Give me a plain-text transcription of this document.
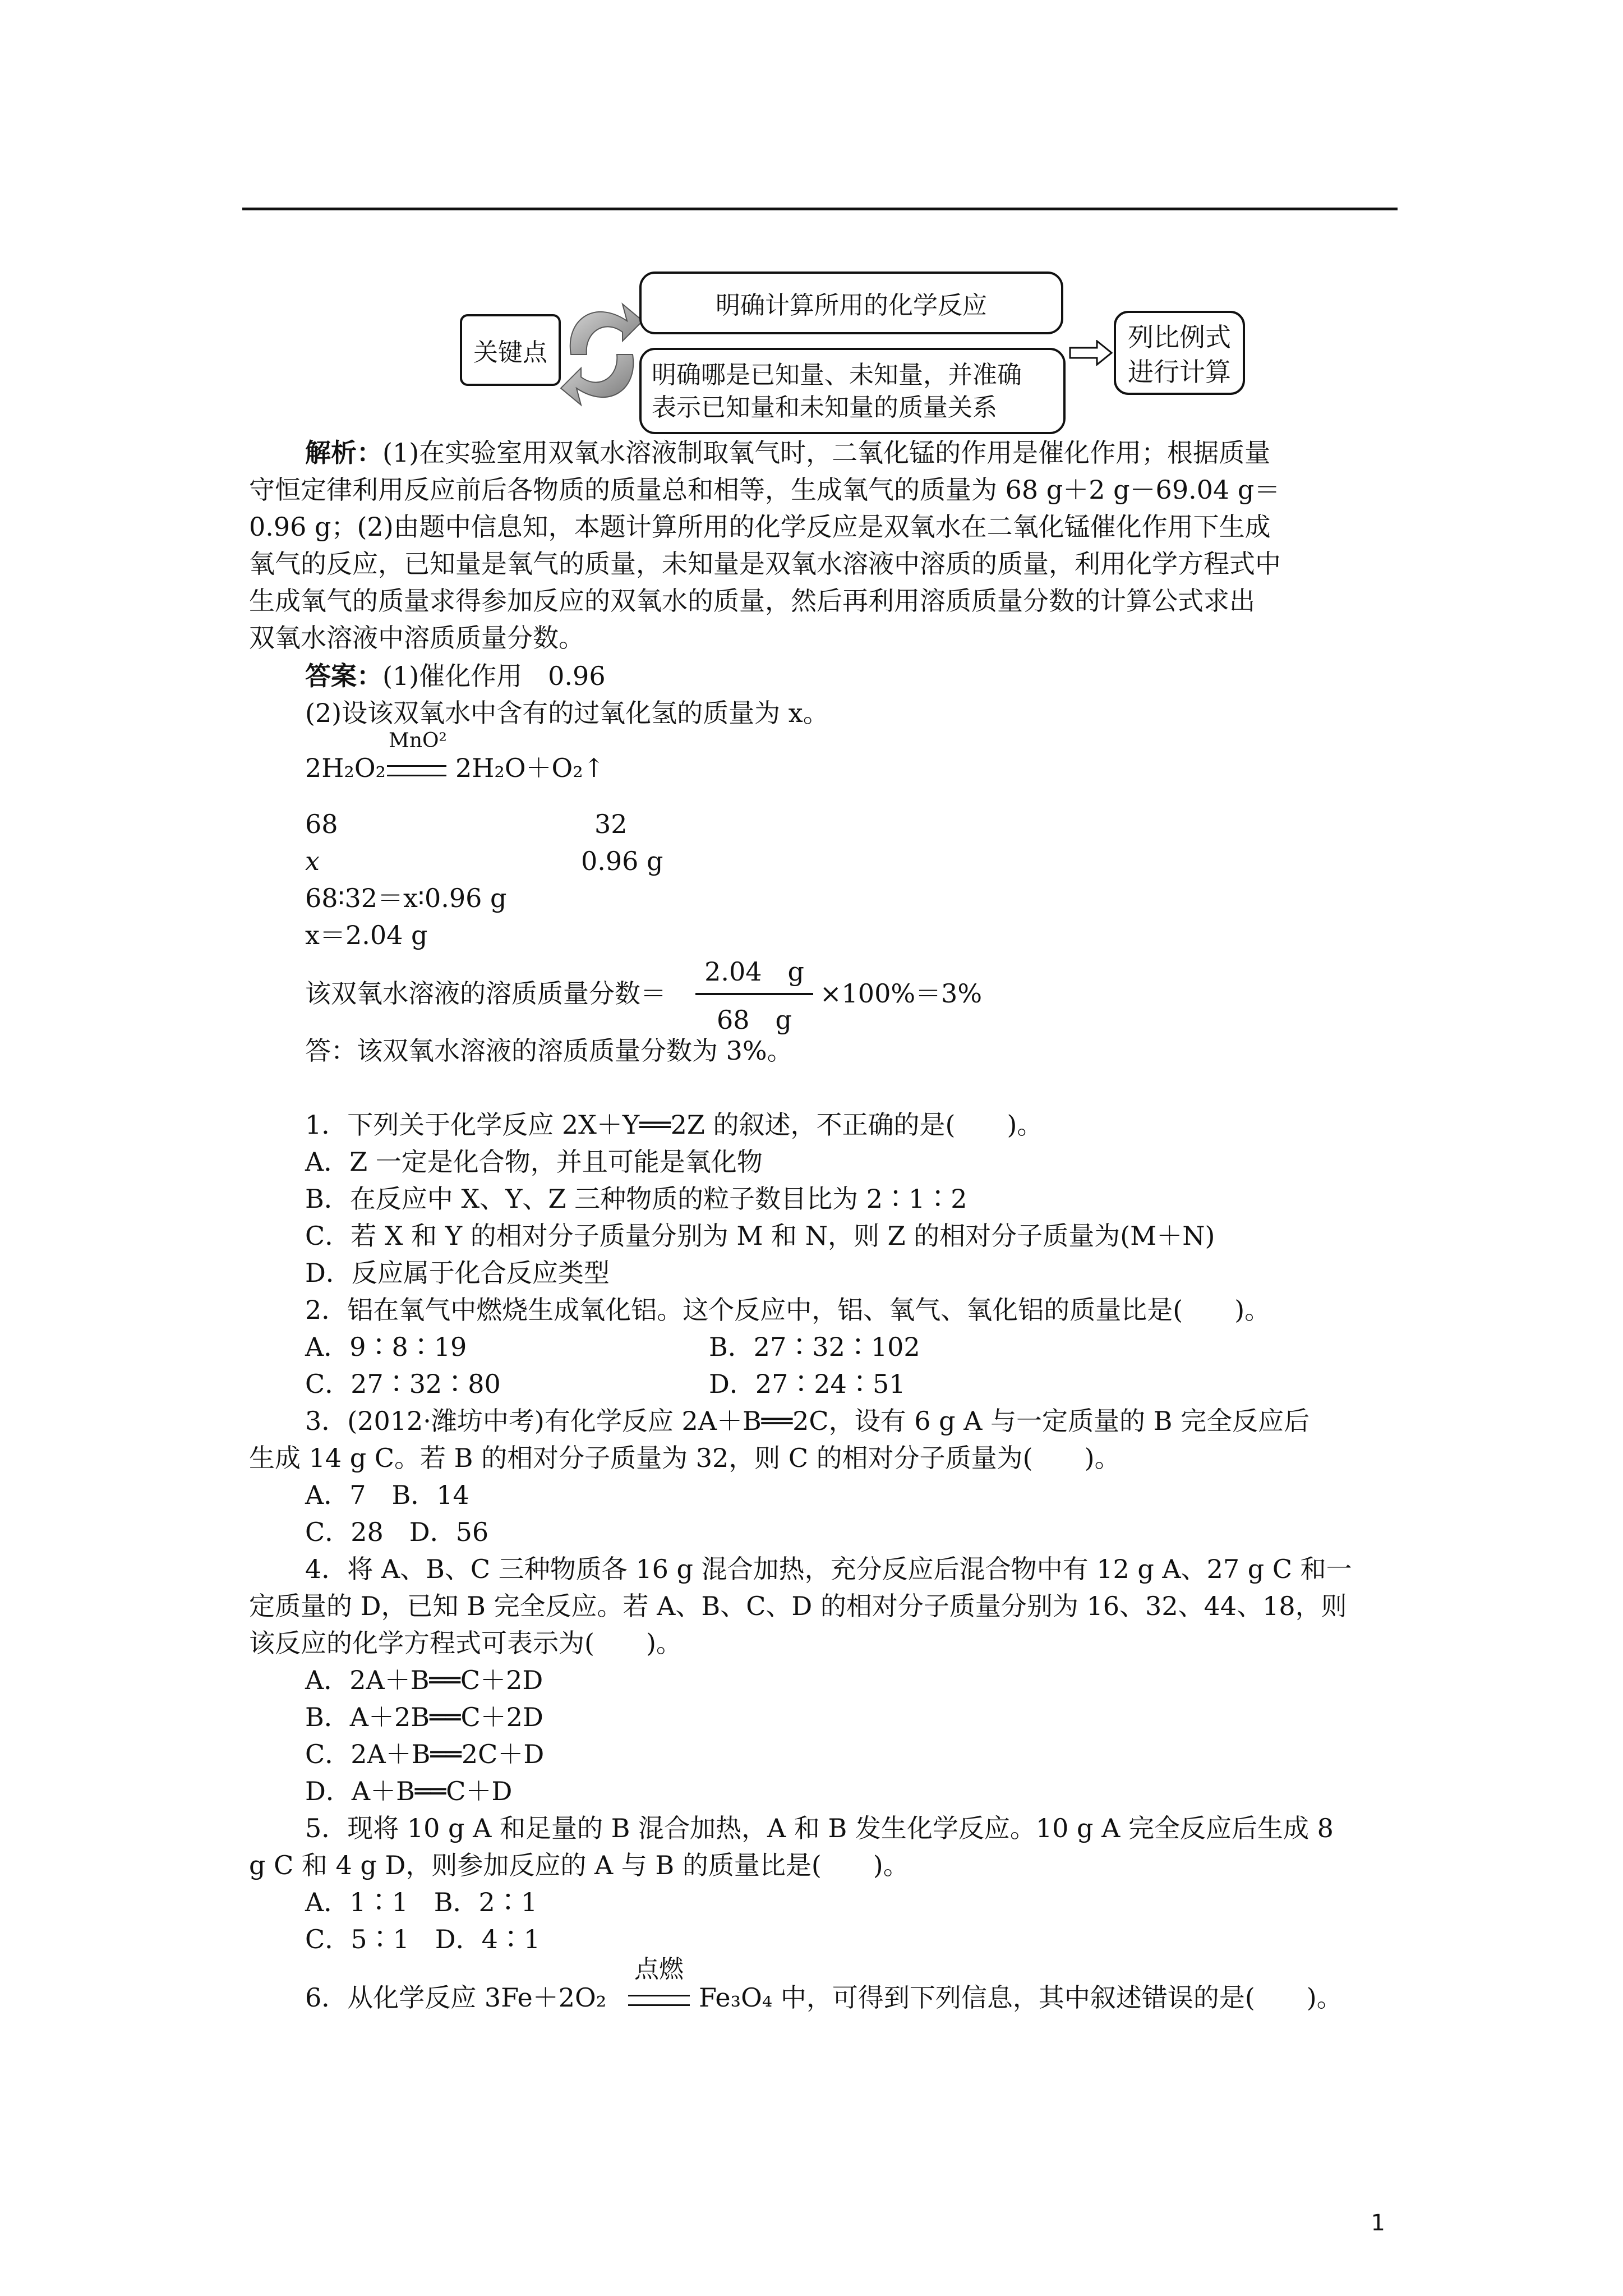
关键点
明确计算所用的化学反应
明确哪是已知量、未知量，并准确
表示已知量和未知量的质量关系
列比例式
进行计算
解析：(1)在实验室用双氧水溶液制取氧气时，二氧化锰的作用是催化作用；根据质量
守恒定律利用反应前后各物质的质量总和相等，生成氧气的质量为 68 g＋2 g－69.04 g＝
0.96 g；(2)由题中信息知，本题计算所用的化学反应是双氧水在二氧化锰催化作用下生成
氧气的反应，已知量是氧气的质量，未知量是双氧水溶液中溶质的质量，利用化学方程式中
生成氧气的质量求得参加反应的双氧水的质量，然后再利用溶质质量分数的计算公式求出
双氧水溶液中溶质质量分数。
答案：(1)催化作用　0.96
(2)设该双氧水中含有的过氧化氢的质量为 x。
MnO²
2H₂O₂	2H₂O＋O₂↑
68	32
x	0.96 g
68∶32＝x∶0.96 g
x＝2.04 g
该双氧水溶液的溶质质量分数＝
2.04　g
68　g
×100%＝3%
答：该双氧水溶液的溶质质量分数为 3%。
1．下列关于化学反应 2X＋Y══2Z 的叙述，不正确的是(　　)。
A．Z 一定是化合物，并且可能是氧化物
B．在反应中 X、Y、Z 三种物质的粒子数目比为 2∶1∶2
C．若 X 和 Y 的相对分子质量分别为 M 和 N，则 Z 的相对分子质量为(M＋N)
D．反应属于化合反应类型
2．铝在氧气中燃烧生成氧化铝。这个反应中，铝、氧气、氧化铝的质量比是(　　)。
A．9∶8∶19	B．27∶32∶102
C．27∶32∶80	D．27∶24∶51
3．(2012·潍坊中考)有化学反应 2A＋B══2C，设有 6 g A 与一定质量的 B 完全反应后
生成 14 g C。若 B 的相对分子质量为 32，则 C 的相对分子质量为(　　)。
A．7　B．14
C．28　D．56
4．将 A、B、C 三种物质各 16 g 混合加热，充分反应后混合物中有 12 g A、27 g C 和一
定质量的 D，已知 B 完全反应。若 A、B、C、D 的相对分子质量分别为 16、32、44、18，则
该反应的化学方程式可表示为(　　)。
A．2A＋B══C＋2D
B．A＋2B══C＋2D
C．2A＋B══2C＋D
D．A＋B══C＋D
5．现将 10 g A 和足量的 B 混合加热，A 和 B 发生化学反应。10 g A 完全反应后生成 8
g C 和 4 g D，则参加反应的 A 与 B 的质量比是(　　)。
A．1∶1　B．2∶1
C．5∶1　D．4∶1
6．从化学反应 3Fe＋2O₂
点燃
Fe₃O₄ 中，可得到下列信息，其中叙述错误的是(　　)。
1
